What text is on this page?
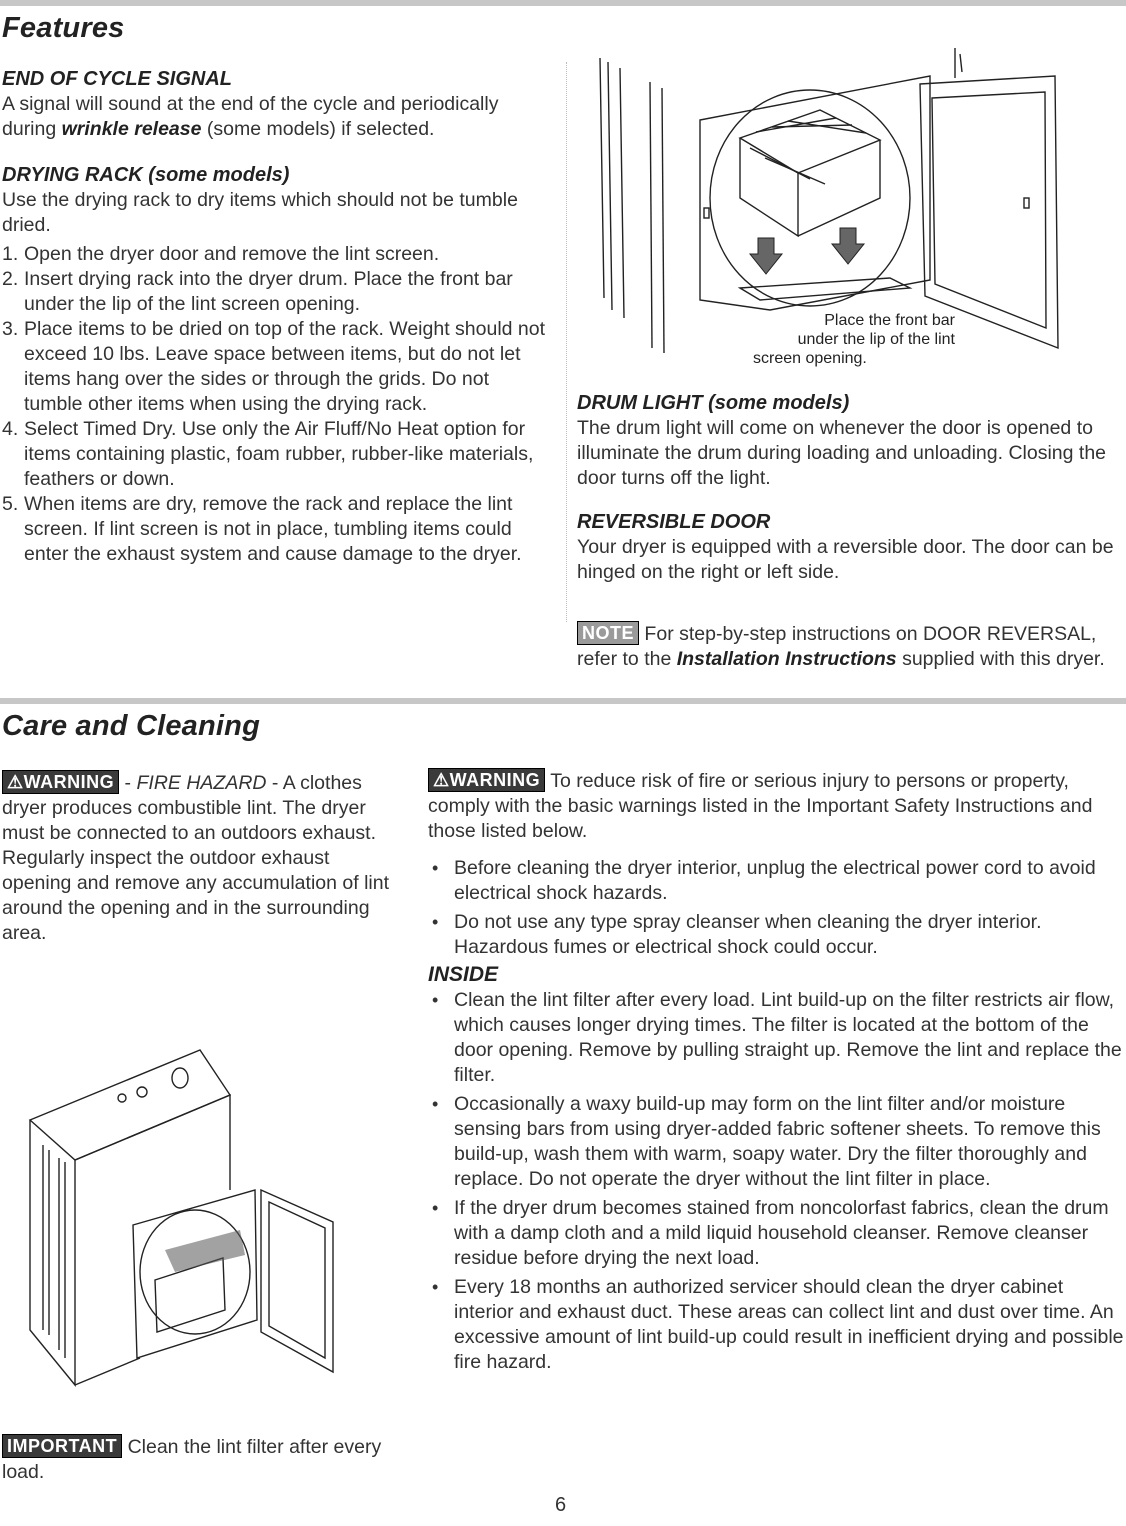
Features
END OF CYCLE SIGNAL

A signal will sound at the end of the cycle and periodically during wrinkle release (some models) if selected.

DRYING RACK (some models)

Use the drying rack to dry items which should not be tumble dried.

1. Open the dryer door and remove the lint screen.
2. Insert drying rack into the dryer drum. Place the front bar under the lip of the lint screen opening.
3. Place items to be dried on top of the rack. Weight should not exceed 10 lbs. Leave space between items, but do not let items hang over the sides or through the grids. Do not tumble other items when using the drying rack.
4. Select Timed Dry. Use only the Air Fluff/No Heat option for items containing plastic, foam rubber, rubber-like materials, feathers or down.
5. When items are dry, remove the rack and replace the lint screen. If lint screen is not in place, tumbling items could enter the exhaust system and cause damage to the dryer.
Place the front bar
under the lip of the lint
screen opening.
DRUM LIGHT (some models)

The drum light will come on whenever the door is opened to illuminate the drum during loading and unloading. Closing the door turns off the light.

REVERSIBLE DOOR

Your dryer is equipped with a reversible door. The door can be hinged on the right or left side.

NOTE For step-by-step instructions on DOOR REVERSAL, refer to the Installation Instructions supplied with this dryer.

Care and Cleaning

⚠WARNING - FIRE HAZARD - A clothes dryer produces combustible lint. The dryer must be connected to an outdoors exhaust. Regularly inspect the outdoor exhaust opening and remove any accumulation of lint around the opening and in the surrounding area.

IMPORTANT Clean the lint filter after every load.

⚠WARNING To reduce risk of fire or serious injury to persons or property, comply with the basic warnings listed in the Important Safety Instructions and those listed below.

• Before cleaning the dryer interior, unplug the electrical power cord to avoid electrical shock hazards.
• Do not use any type spray cleanser when cleaning the dryer interior. Hazardous fumes or electrical shock could occur.
INSIDE
• Clean the lint filter after every load. Lint build-up on the filter restricts air flow, which causes longer drying times. The filter is located at the bottom of the door opening. Remove by pulling straight up. Remove the lint and replace the filter.
• Occasionally a waxy build-up may form on the lint filter and/or moisture sensing bars from using dryer-added fabric softener sheets. To remove this build-up, wash them with warm, soapy water. Dry the filter thoroughly and replace. Do not operate the dryer without the lint filter in place.
• If the dryer drum becomes stained from noncolorfast fabrics, clean the drum with a damp cloth and a mild liquid household cleanser. Remove cleanser residue before drying the next load.
• Every 18 months an authorized servicer should clean the dryer cabinet interior and exhaust duct. These areas can collect lint and dust over time. An excessive amount of lint build-up could result in inefficient drying and possible fire hazard.
6
